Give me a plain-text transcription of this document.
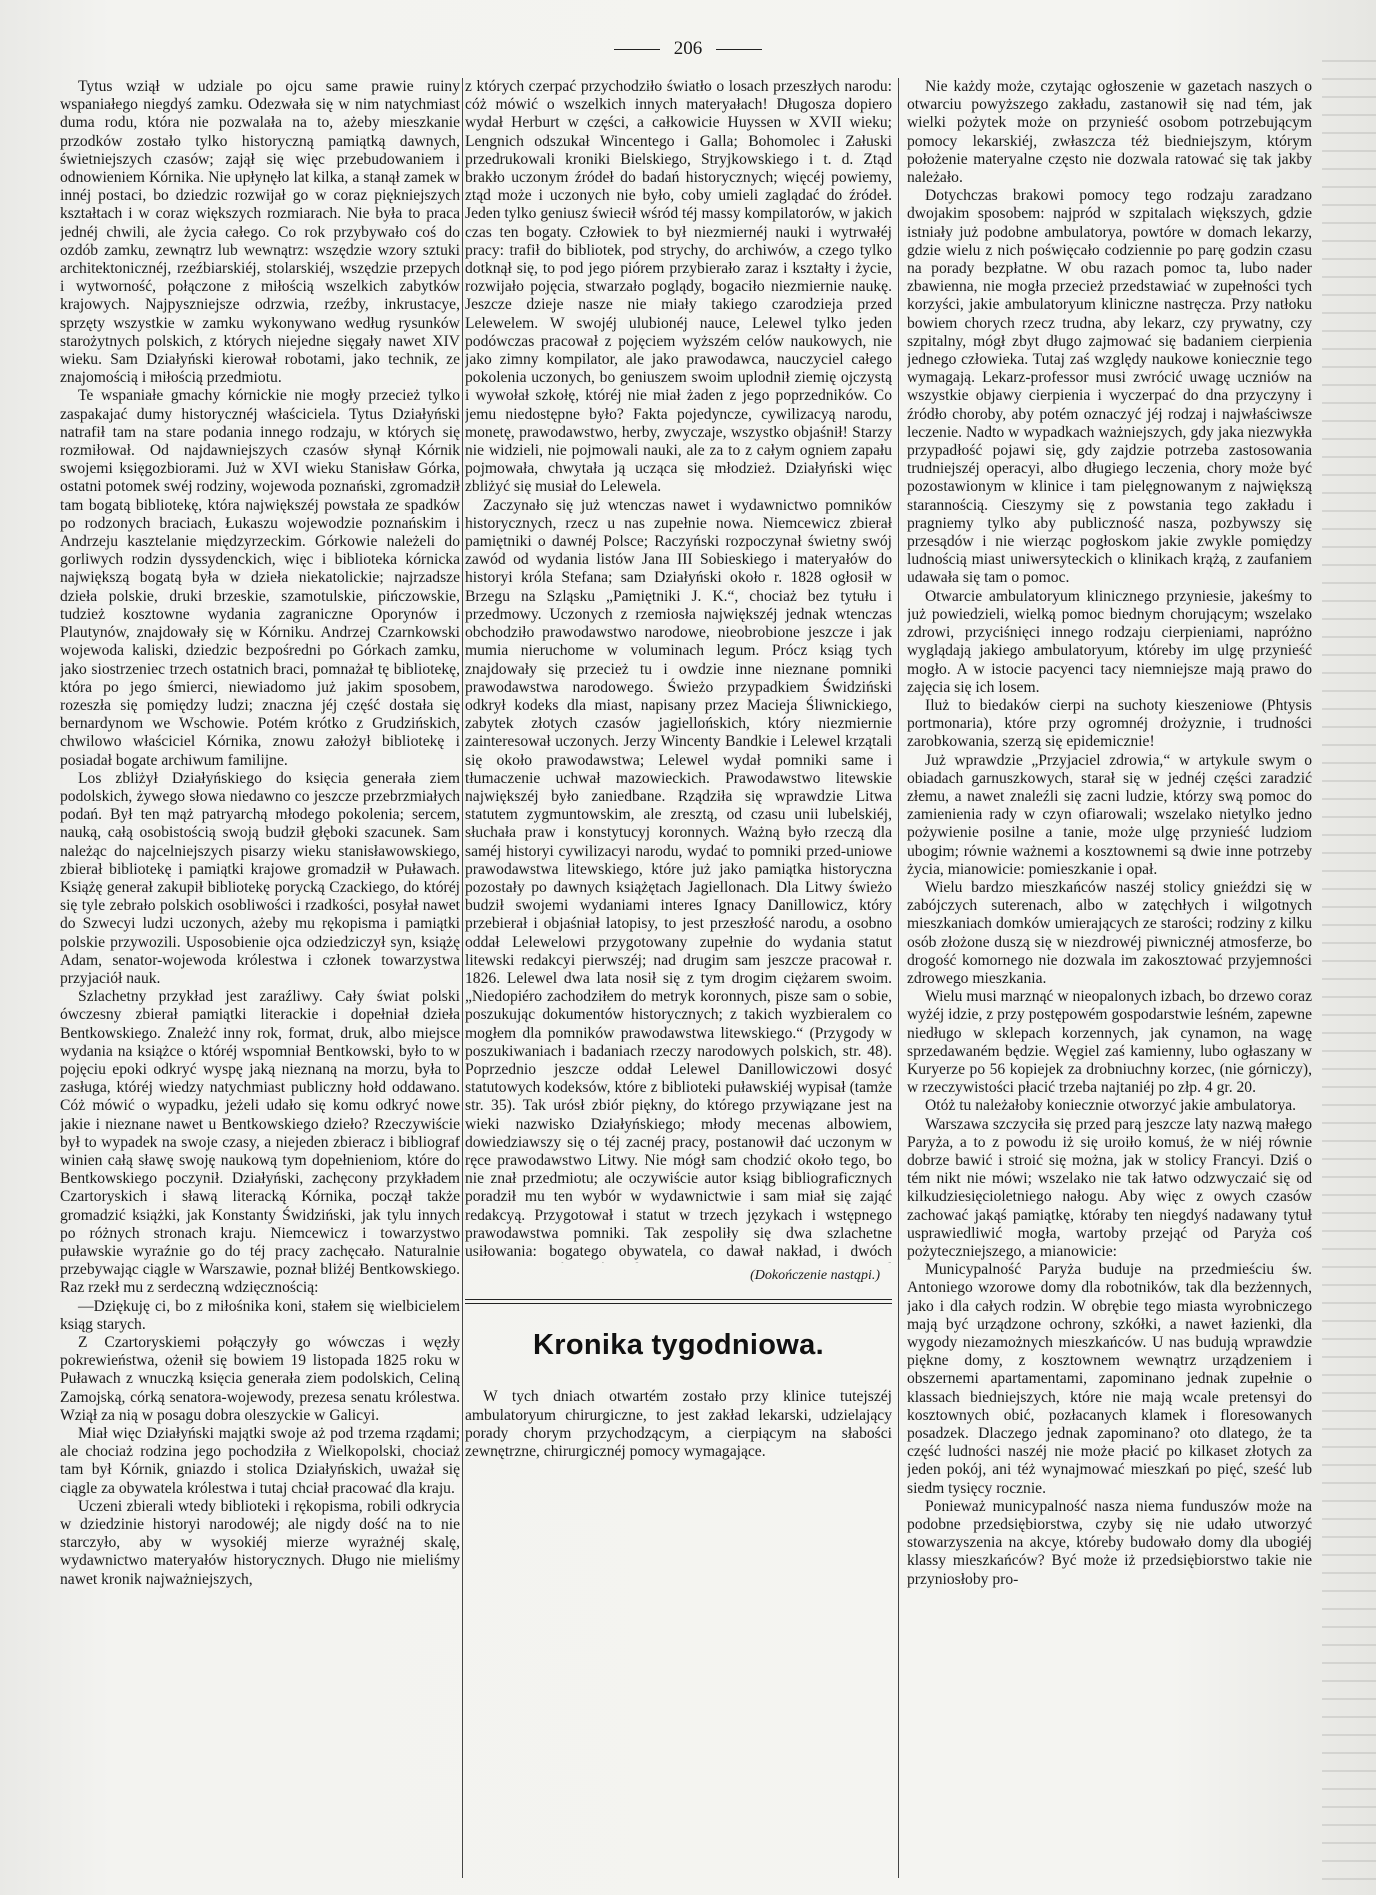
206

Tytus wziął w udziale po ojcu same prawie ruiny wspaniałego niegdyś zamku. Odezwała się w nim natychmiast duma rodu, która nie pozwalała na to, ażeby mieszkanie przodków zostało tylko historyczną pamiątką dawnych, świetniejszych czasów; zajął się więc przebudowaniem i odnowieniem Kórnika. Nie upłynęło lat kilka, a stanął zamek w innéj postaci, bo dziedzic rozwijał go w coraz piękniejszych kształtach i w coraz większych rozmiarach. Nie była to praca jednéj chwili, ale życia całego. Co rok przybywało coś do ozdób zamku, zewnątrz lub wewnątrz: wszędzie wzory sztuki architektonicznéj, rzeźbiarskiéj, stolarskiéj, wszędzie przepych i wytworność, połączone z miłością wszelkich zabytków krajowych. Najpyszniejsze odrzwia, rzeźby, inkrustacye, sprzęty wszystkie w zamku wykonywano według rysunków starożytnych polskich, z których niejedne sięgały nawet XIV wieku. Sam Działyński kierował robotami, jako technik, ze znajomością i miłością przedmiotu.

Te wspaniałe gmachy kórnickie nie mogły przecież tylko zaspakajać dumy historycznéj właściciela. Tytus Działyński natrafił tam na stare podania innego rodzaju, w których się rozmiłował. Od najdawniejszych czasów słynął Kórnik swojemi księgozbiorami. Już w XVI wieku Stanisław Górka, ostatni potomek swéj rodziny, wojewoda poznański, zgromadził tam bogatą bibliotekę, która największéj powstała ze spadków po rodzonych braciach, Łukaszu wojewodzie poznańskim i Andrzeju kasztelanie międzyrzeckim. Górkowie należeli do gorliwych rodzin dyssydenckich, więc i biblioteka kórnicka największą bogatą była w dzieła niekatolickie; najrzadsze dzieła polskie, druki brzeskie, szamotulskie, pińczowskie, tudzież kosztowne wydania zagraniczne Oporynów i Plautynów, znajdowały się w Kórniku. Andrzej Czarnkowski wojewoda kaliski, dziedzic bezpośredni po Górkach zamku, jako siostrzeniec trzech ostatnich braci, pomnażał tę bibliotekę, która po jego śmierci, niewiadomo już jakim sposobem, rozeszła się pomiędzy ludzi; znaczna jéj część dostała się bernardynom we Wschowie. Potém krótko z Grudzińskich, chwilowo właściciel Kórnika, znowu założył bibliotekę i posiadał bogate archiwum familijne.

Los zbliżył Działyńskiego do księcia generała ziem podolskich, żywego słowa niedawno co jeszcze przebrzmiałych podań. Był ten mąż patryarchą młodego pokolenia; sercem, nauką, całą osobistością swoją budził głęboki szacunek. Sam należąc do najcelniejszych pisarzy wieku stanisławowskiego, zbierał bibliotekę i pamiątki krajowe gromadził w Puławach. Książę generał zakupił bibliotekę porycką Czackiego, do któréj się tyle zebrało polskich osobliwości i rzadkości, posyłał nawet do Szwecyi ludzi uczonych, ażeby mu rękopisma i pamiątki polskie przywozili. Usposobienie ojca odziedziczył syn, książę Adam, senator-wojewoda królestwa i członek towarzystwa przyjaciół nauk.

Szlachetny przykład jest zaraźliwy. Cały świat polski ówczesny zbierał pamiątki literackie i dopełniał dzieła Bentkowskiego. Znależć inny rok, format, druk, albo miejsce wydania na książce o któréj wspomniał Bentkowski, było to w pojęciu epoki odkryć wyspę jaką nieznaną na morzu, była to zasługa, któréj wiedzy natychmiast publiczny hołd oddawano. Cóż mówić o wypadku, jeżeli udało się komu odkryć nowe jakie i nieznane nawet u Bentkowskiego dzieło? Rzeczywiście był to wypadek na swoje czasy, a niejeden zbieracz i bibliograf winien całą sławę swoję naukową tym dopełnieniom, które do Bentkowskiego poczynił. Działyński, zachęcony przykładem Czartoryskich i sławą literacką Kórnika, począł także gromadzić książki, jak Konstanty Świdziński, jak tylu innych po różnych stronach kraju. Niemcewicz i towarzystwo puławskie wyraźnie go do téj pracy zachęcało. Naturalnie przebywając ciągle w Warszawie, poznał bliżéj Bentkowskiego. Raz rzekł mu z serdeczną wdzięcznością:

—Dziękuję ci, bo z miłośnika koni, stałem się wielbicielem ksiąg starych.

Z Czartoryskiemi połączyły go wówczas i węzły pokrewieństwa, ożenił się bowiem 19 listopada 1825 roku w Puławach z wnuczką księcia generała ziem podolskich, Celiną Zamojską, córką senatora-wojewody, prezesa senatu królestwa. Wziął za nią w posagu dobra oleszyckie w Galicyi.

Miał więc Działyński majątki swoje aż pod trzema rządami; ale chociaż rodzina jego pochodziła z Wielkopolski, chociaż tam był Kórnik, gniazdo i stolica Działyńskich, uważał się ciągle za obywatela królestwa i tutaj chciał pracować dla kraju.

Uczeni zbierali wtedy biblioteki i rękopisma, robili odkrycia w dziedzinie historyi narodowéj; ale nigdy dość na to nie starczyło, aby w wysokiéj mierze wyrażnéj skalę, wydawnictwo materyałów historycznych. Długo nie mieliśmy nawet kronik najważniejszych,

z których czerpać przychodziło światło o losach przeszłych narodu: cóż mówić o wszelkich innych materyałach! Długosza dopiero wydał Herburt w części, a całkowicie Huyssen w XVII wieku; Lengnich odszukał Wincentego i Galla; Bohomolec i Załuski przedrukowali kroniki Bielskiego, Stryjkowskiego i t. d. Ztąd brakło uczonym źródeł do badań historycznych; więcéj powiemy, ztąd może i uczonych nie było, coby umieli zaglądać do źródeł. Jeden tylko geniusz świecił wśród téj massy kompilatorów, w jakich czas ten bogaty. Człowiek to był niezmiernéj nauki i wytrwałéj pracy: trafił do bibliotek, pod strychy, do archiwów, a czego tylko dotknął się, to pod jego piórem przybierało zaraz i kształty i życie, rozwijało pojęcia, stwarzało poglądy, bogaciło niezmiernie naukę. Jeszcze dzieje nasze nie miały takiego czarodzieja przed Lelewelem. W swojéj ulubionéj nauce, Lelewel tylko jeden podówczas pracował z pojęciem wyższém celów naukowych, nie jako zimny kompilator, ale jako prawodawca, nauczyciel całego pokolenia uczonych, bo geniuszem swoim uplodnił ziemię ojczystą i wywołał szkołę, któréj nie miał żaden z jego poprzedników. Co jemu niedostępne było? Fakta pojedyncze, cywilizacyą narodu, monetę, prawodawstwo, herby, zwyczaje, wszystko objaśnił! Starzy nie widzieli, nie pojmowali nauki, ale za to z całym ogniem zapału pojmowała, chwytała ją ucząca się młodzież. Działyński więc zbliżyć się musiał do Lelewela.

Zaczynało się już wtenczas nawet i wydawnictwo pomników historycznych, rzecz u nas zupełnie nowa. Niemcewicz zbierał pamiętniki o dawnéj Polsce; Raczyński rozpoczynał świetny swój zawód od wydania listów Jana III Sobieskiego i materyałów do historyi króla Stefana; sam Działyński około r. 1828 ogłosił w Brzegu na Szląsku „Pamiętniki J. K.“, chociaż bez tytułu i przedmowy. Uczonych z rzemiosła największéj jednak wtenczas obchodziło prawodawstwo narodowe, nieobrobione jeszcze i jak mumia nieruchome w voluminach legum. Prócz ksiąg tych znajdowały się przecież tu i owdzie inne nieznane pomniki prawodawstwa narodowego. Świeżo przypadkiem Świdziński odkrył kodeks dla miast, napisany przez Macieja Śliwnickiego, zabytek złotych czasów jagiellońskich, który niezmiernie zainteresował uczonych. Jerzy Wincenty Bandkie i Lelewel krzątali się około prawodawstwa; Lelewel wydał pomniki same i tłumaczenie uchwał mazowieckich. Prawodawstwo litewskie największéj było zaniedbane. Rządziła się wprawdzie Litwa statutem zygmuntowskim, ale zresztą, od czasu unii lubelskiéj, słuchała praw i konstytucyj koronnych. Ważną było rzeczą dla saméj historyi cywilizacyi narodu, wydać to pomniki przed-uniowe prawodawstwa litewskiego, które już jako pamiątka historyczna pozostały po dawnych książętach Jagiellonach. Dla Litwy świeżo budził swojemi wydaniami interes Ignacy Danillowicz, który przebierał i objaśniał latopisy, to jest przeszłość narodu, a osobno oddał Lelewelowi przygotowany zupełnie do wydania statut litewski redakcyi pierwszéj; nad drugim sam jeszcze pracował r. 1826. Lelewel dwa lata nosił się z tym drogim ciężarem swoim. „Niedopiéro zachodziłem do metryk koronnych, pisze sam o sobie, poszukując dokumentów historycznych; z takich wyzbieralem co mogłem dla pomników prawodawstwa litewskiego.“ (Przygody w poszukiwaniach i badaniach rzeczy narodowych polskich, str. 48). Poprzednio jeszcze oddał Lelewel Danillowiczowi dosyć statutowych kodeksów, które z biblioteki puławskiéj wypisał (tamże str. 35). Tak urósł zbiór piękny, do którego przywiązane jest na wieki nazwisko Działyńskiego; młody mecenas albowiem, dowiedziawszy się o téj zacnéj pracy, postanowił dać uczonym w ręce prawodawstwo Litwy. Nie mógł sam chodzić około tego, bo nie znał przedmiotu; ale oczywiście autor ksiąg bibliograficznych poradził mu ten wybór w wydawnictwie i sam miał się zająć redakcyą. Przygotował i statut w trzech językach i wstępnego prawodawstwa pomniki. Tak zespoliły się dwa szlachetne usiłowania: bogatego obywatela, co dawał nakład, i dwóch

(Dokończenie nastąpi.)
Kronika tygodniowa.

W tych dniach otwartém zostało przy klinice tutejszéj ambulatoryum chirurgiczne, to jest zakład lekarski, udzielający porady chorym przychodzącym, a cierpiącym na słabości zewnętrzne, chirurgicznéj pomocy wymagające.

Nie każdy może, czytając ogłoszenie w gazetach naszych o otwarciu powyższego zakładu, zastanowił się nad tém, jak wielki pożytek może on przynieść osobom potrzebującym pomocy lekarskiéj, zwłaszcza téż biedniejszym, którym położenie materyalne często nie dozwala ratować się tak jakby należało.

Dotychczas brakowi pomocy tego rodzaju zaradzano dwojakim sposobem: najpród w szpitalach większych, gdzie istniały już podobne ambulatorya, powtóre w domach lekarzy, gdzie wielu z nich poświęcało codziennie po parę godzin czasu na porady bezpłatne. W obu razach pomoc ta, lubo nader zbawienna, nie mogła przecież przedstawiać w zupełności tych korzyści, jakie ambulatoryum kliniczne nastręcza. Przy natłoku bowiem chorych rzecz trudna, aby lekarz, czy prywatny, czy szpitalny, mógł zbyt długo zajmować się badaniem cierpienia jednego człowieka. Tutaj zaś względy naukowe koniecznie tego wymagają. Lekarz-professor musi zwrócić uwagę uczniów na wszystkie objawy cierpienia i wyczerpać do dna przyczyny i źródło choroby, aby potém oznaczyć jéj rodzaj i najwłaściwsze leczenie. Nadto w wypadkach ważniejszych, gdy jaka niezwykła przypadłość pojawi się, gdy zajdzie potrzeba zastosowania trudniejszéj operacyi, albo długiego leczenia, chory może być pozostawionym w klinice i tam pielęgnowanym z największą starannością. Cieszymy się z powstania tego zakładu i pragniemy tylko aby publiczność nasza, pozbywszy się przesądów i nie wierząc pogłoskom jakie zwykle pomiędzy ludnością miast uniwersyteckich o klinikach krążą, z zaufaniem udawała się tam o pomoc.

Otwarcie ambulatoryum klinicznego przyniesie, jakeśmy to już powiedzieli, wielką pomoc biednym chorującym; wszelako zdrowi, przyciśnięci innego rodzaju cierpieniami, napróżno wyglądają jakiego ambulatoryum, któreby im ulgę przynieść mogło. A w istocie pacyenci tacy niemniejsze mają prawo do zajęcia się ich losem.

Iluż to biedaków cierpi na suchoty kieszeniowe (Phtysis portmonaria), które przy ogromnéj drożyznie, i trudności zarobkowania, szerzą się epidemicznie!

Już wprawdzie „Przyjaciel zdrowia,“ w artykule swym o obiadach garnuszkowych, starał się w jednéj części zaradzić złemu, a nawet znaleźli się zacni ludzie, którzy swą pomoc do zamienienia rady w czyn ofiarowali; wszelako nietylko jedno pożywienie posilne a tanie, może ulgę przynieść ludziom ubogim; równie ważnemi a kosztownemi są dwie inne potrzeby życia, mianowicie: pomieszkanie i opał.

Wielu bardzo mieszkańców naszéj stolicy gnieździ się w zabójczych suterenach, albo w zatęchłych i wilgotnych mieszkaniach domków umierających ze starości; rodziny z kilku osób złożone duszą się w niezdrowéj piwnicznéj atmosferze, bo drogość komornego nie dozwala im zakosztować przyjemności zdrowego mieszkania.

Wielu musi marznąć w nieopalonych izbach, bo drzewo coraz wyżéj idzie, z przy postępowém gospodarstwie leśném, zapewne niedługo w sklepach korzennych, jak cynamon, na wagę sprzedawaném będzie. Węgiel zaś kamienny, lubo ogłaszany w Kuryerze po 56 kopiejek za drobniuchny korzec, (nie górniczy), w rzeczywistości płacić trzeba najtaniéj po złp. 4 gr. 20.

Otóż tu należałoby koniecznie otworzyć jakie ambulatorya.

Warszawa szczyciła się przed parą jeszcze laty nazwą małego Paryża, a to z powodu iż się uroiło komuś, że w niéj równie dobrze bawić i stroić się można, jak w stolicy Francyi. Dziś o tém nikt nie mówi; wszelako nie tak łatwo odzwyczaić się od kilkudziesięcioletniego nałogu. Aby więc z owych czasów zachować jakąś pamiątkę, któraby ten niegdyś nadawany tytuł usprawiedliwić mogła, wartoby przejąć od Paryża coś pożyteczniejszego, a mianowicie:

Municypalność Paryża buduje na przedmieściu św. Antoniego wzorowe domy dla robotników, tak dla bezżennych, jako i dla całych rodzin. W obrębie tego miasta wyrobniczego mają być urządzone ochrony, szkółki, a nawet łazienki, dla wygody niezamożnych mieszkańców. U nas budują wprawdzie piękne domy, z kosztownem wewnątrz urządzeniem i obszernemi apartamentami, zapominano jednak zupełnie o klassach biedniejszych, które nie mają wcale pretensyi do kosztownych obić, pozłacanych klamek i floresowanych posadzek. Dlaczego jednak zapominano? oto dlatego, że ta część ludności naszéj nie może płacić po kilkaset złotych za jeden pokój, ani téż wynajmować mieszkań po pięć, sześć lub siedm tysięcy rocznie.

Ponieważ municypalność nasza niema funduszów może na podobne przedsiębiorstwa, czyby się nie udało utworzyć stowarzyszenia na akcye, któreby budowało domy dla ubogiéj klassy mieszkańców? Być może iż przedsiębiorstwo takie nie przyniosłoby pro-
